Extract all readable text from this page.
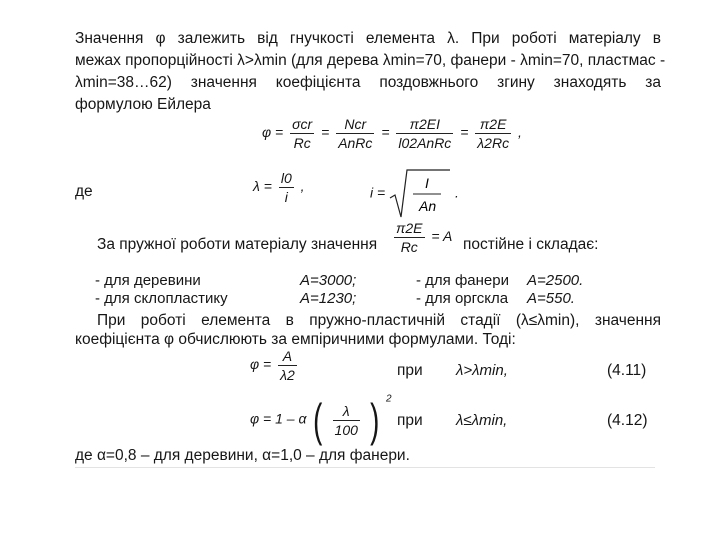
Значення φ залежить від гнучкості елемента λ. При роботі матеріалу в
межах пропорційності λ>λmin (для дерева λmin=70, фанери - λmin=70, пластмас -
λmin=38…62) значення коефіцієнта поздовжнього згину знаходять за
формулою Ейлера
$\varphi = \frac{\text{σcr}}{Rc} = \frac{\text{Ncr}}{\text{AnRc}} = \frac{\pi 2EI}{\text{l02AnRc}} = \frac{\pi 2E}{\lambda 2Rc}$ ,
де	$\lambda = \frac{l0}{i}$ ,	i =
I
An
.
За пружної роботи матеріалу значення $\frac{\pi 2E}{Rc} = A$ постійне і складає:
- для деревини	A=3000;	- для фанери A=2500.
- для склопластику	A=1230;	- для оргскла A=550.
При роботі елемента в пружно-пластичній стадії (λ≤λmin), значення
коефіцієнта φ обчислюють за емпіричними формулами. Тоді:
$\varphi = \frac{A}{\lambda 2}$	при λ>λmin,	(4.11)
φ = 1 – α ( $\frac{\lambda}{100}$ ) $^2$
при λ≤λmin,	(4.12)
де α=0,8 – для деревини, α=1,0 – для фанери.
